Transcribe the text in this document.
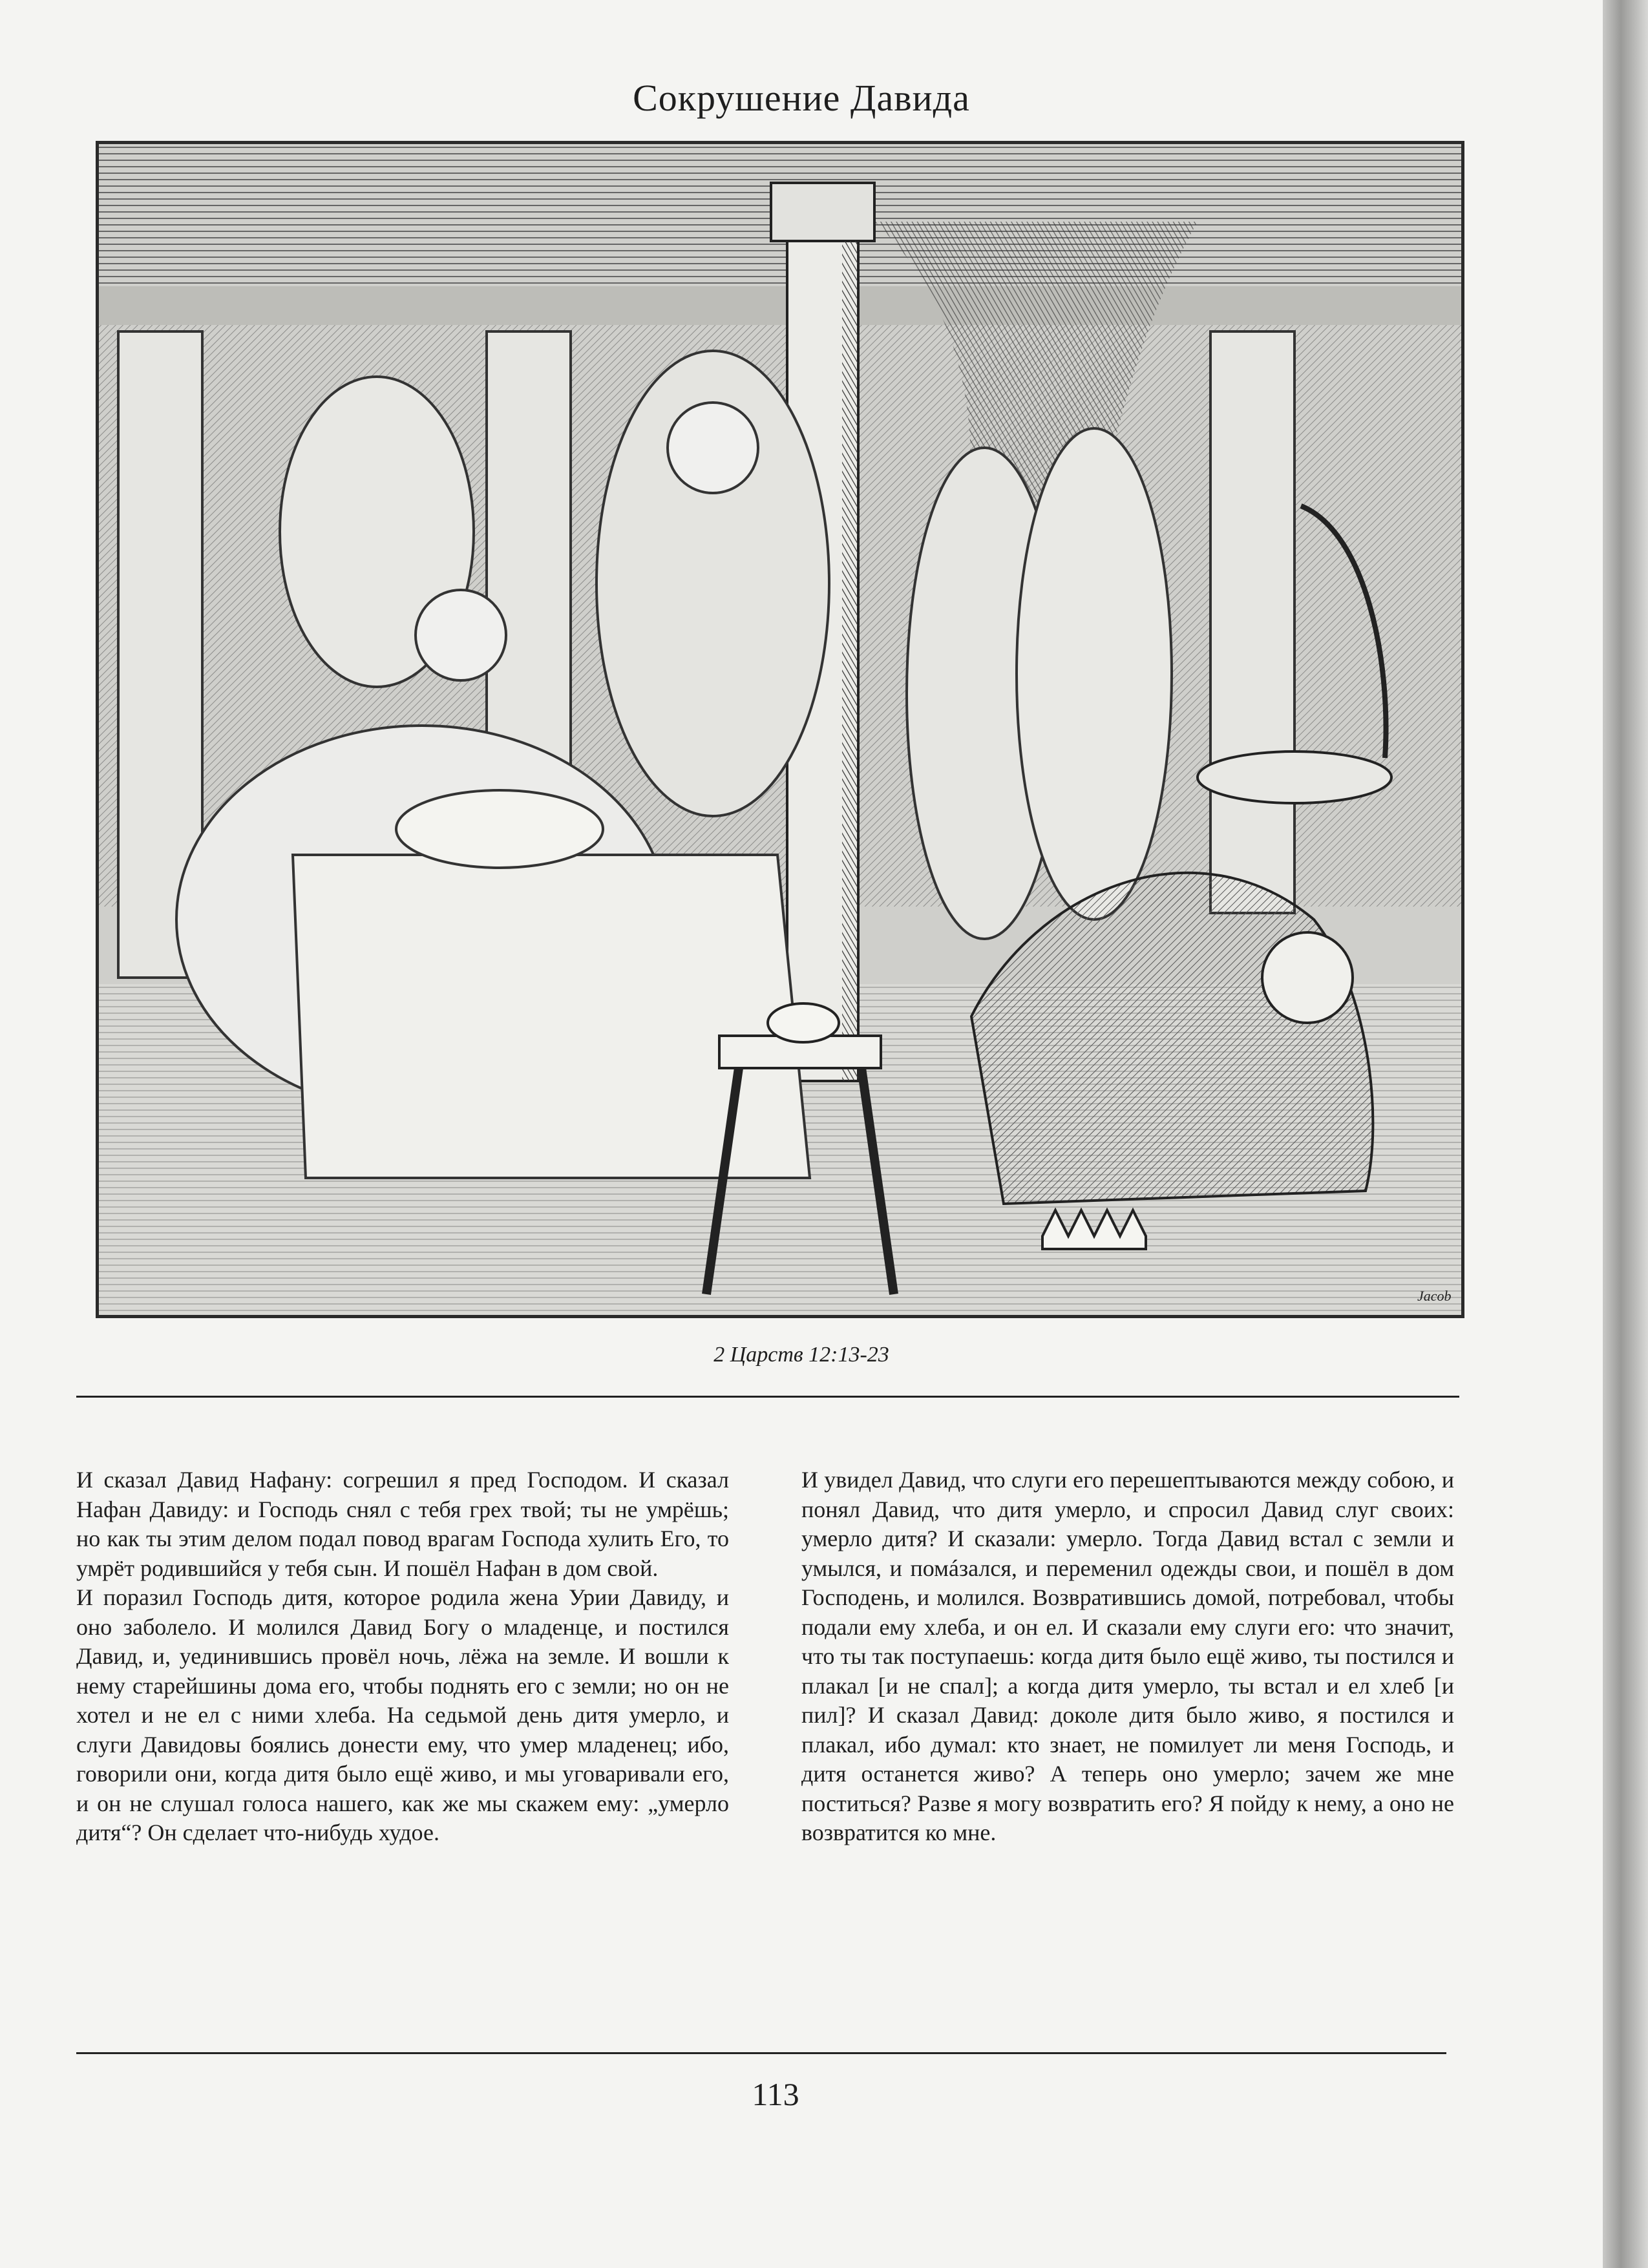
Сокрушение Давида
Jacob
2 Царств 12:13-23

И сказал Давид Нафану: согрешил я пред Господом. И сказал Нафан Давиду: и Господь снял с тебя грех твой; ты не умрёшь; но как ты этим делом подал повод врагам Господа хулить Его, то умрёт родившийся у тебя сын. И пошёл Нафан в дом свой.

И поразил Господь дитя, которое родила жена Урии Давиду, и оно заболело. И молился Давид Богу о младенце, и постился Давид, и, уединившись провёл ночь, лёжа на земле. И вошли к нему старейшины дома его, чтобы поднять его с земли; но он не хотел и не ел с ними хлеба. На седьмой день дитя умерло, и слуги Давидовы боялись донести ему, что умер младенец; ибо, говорили они, когда дитя было ещё живо, и мы уговаривали его, и он не слушал голоса нашего, как же мы скажем ему: „умерло дитя“? Он сделает что-нибудь худое.

И увидел Давид, что слуги его перешептываются между собою, и понял Давид, что дитя умерло, и спросил Давид слуг своих: умерло дитя? И сказали: умерло. Тогда Давид встал с земли и умылся, и помáзался, и переменил одежды свои, и пошёл в дом Господень, и молился. Возвратившись домой, потребовал, чтобы подали ему хлеба, и он ел. И сказали ему слуги его: что значит, что ты так поступаешь: когда дитя было ещё живо, ты постился и плакал [и не спал]; а когда дитя умерло, ты встал и ел хлеб [и пил]? И сказал Давид: доколе дитя было живо, я постился и плакал, ибо думал: кто знает, не помилует ли меня Господь, и дитя останется живо? А теперь оно умерло; зачем же мне поститься? Разве я могу возвратить его? Я пойду к нему, а оно не возвратится ко мне.

113
